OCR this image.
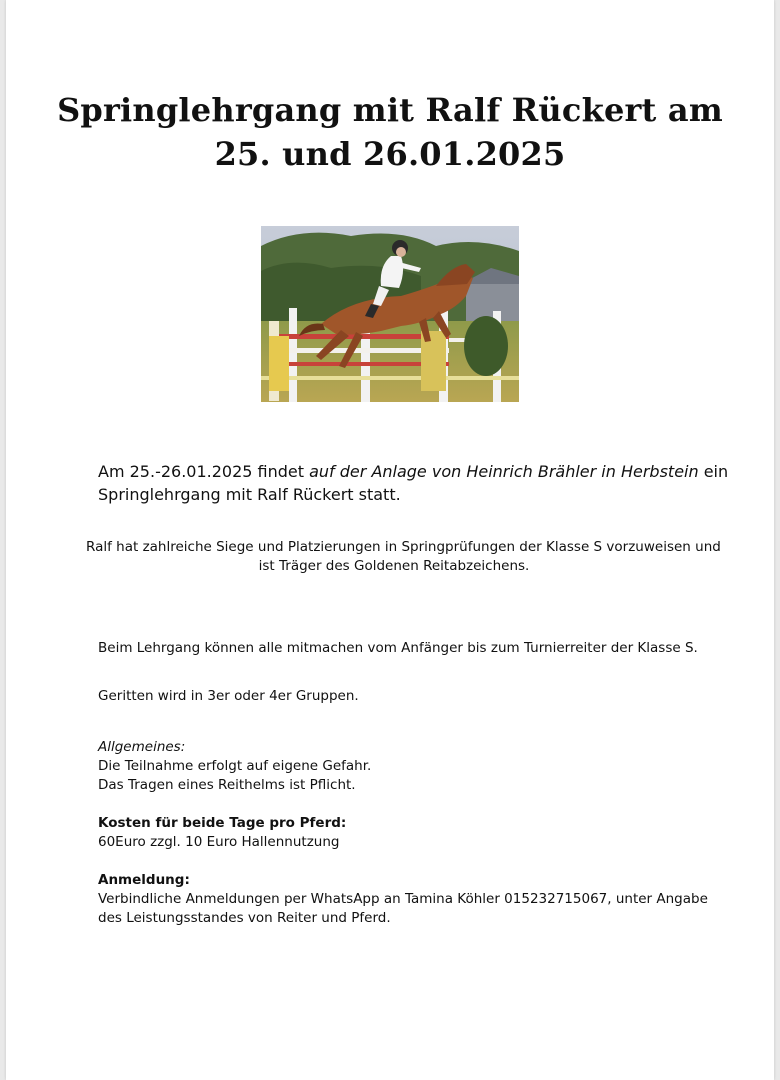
Springlehrgang mit Ralf Rückert am
25. und 26.01.2025

Am 25.-26.01.2025 findet auf der Anlage von Heinrich Brähler in Herbstein ein
Springlehrgang mit Ralf Rückert statt.

Ralf hat zahlreiche Siege und Platzierungen in Springprüfungen der Klasse S vorzuweisen und
ist Träger des Goldenen Reitabzeichens.

Beim Lehrgang können alle mitmachen vom Anfänger bis zum Turnierreiter der Klasse S.

Geritten wird in 3er oder 4er Gruppen.

Allgemeines:
Die Teilnahme erfolgt auf eigene Gefahr.
Das Tragen eines Reithelms ist Pflicht.

Kosten für beide Tage pro Pferd:
60Euro zzgl. 10 Euro Hallennutzung

Anmeldung:
Verbindliche Anmeldungen per WhatsApp an Tamina Köhler 015232715067, unter Angabe
des Leistungsstandes von Reiter und Pferd.
